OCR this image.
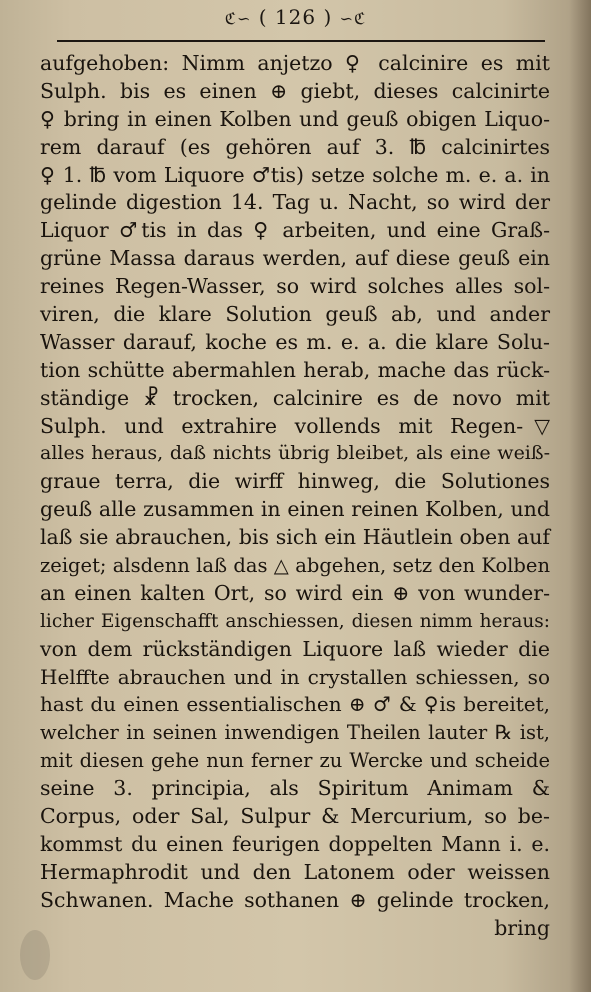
ℭ∽ ( 126 ) ∽ℭ
aufgehoben: Nimm anjetzo ♀ calcinire es mit
Sulph. bis es einen ⊕ giebt, dieses calcinirte
♀ bring in einen Kolben und geuß obigen Liquo-
rem darauf (es gehören auf 3. ℔ calcinirtes
♀ 1. ℔ vom Liquore ♂tis) setze solche m. e. a. in
gelinde digestion 14. Tag u. Nacht, so wird der
Liquor ♂tis in das ♀ arbeiten, und eine Graß-
grüne Massa daraus werden, auf diese geuß ein
reines Regen-Wasser, so wird solches alles sol-
viren, die klare Solution geuß ab, und ander
Wasser darauf, koche es m. e. a. die klare Solu-
tion schütte abermahlen herab, mache das rück-
ständige ☧ trocken, calcinire es de novo mit
Sulph. und extrahire vollends mit Regen-▽
alles heraus, daß nichts übrig bleibet, als eine weiß-
graue terra, die wirff hinweg, die Solutiones
geuß alle zusammen in einen reinen Kolben, und
laß sie abrauchen, bis sich ein Häutlein oben auf
zeiget; alsdenn laß das △ abgehen, setz den Kolben
an einen kalten Ort, so wird ein ⊕ von wunder-
licher Eigenschafft anschiessen, diesen nimm heraus:
von dem rückständigen Liquore laß wieder die
Helffte abrauchen und in crystallen schiessen, so
hast du einen essentialischen ⊕ ♂ & ♀is bereitet,
welcher in seinen inwendigen Theilen lauter ℞ ist,
mit diesen gehe nun ferner zu Wercke und scheide
seine 3. principia, als Spiritum Animam &
Corpus, oder Sal, Sulpur & Mercurium, so be-
kommst du einen feurigen doppelten Mann i. e.
Hermaphrodit und den Latonem oder weissen
Schwanen. Mache sothanen ⊕ gelinde trocken,
bring
